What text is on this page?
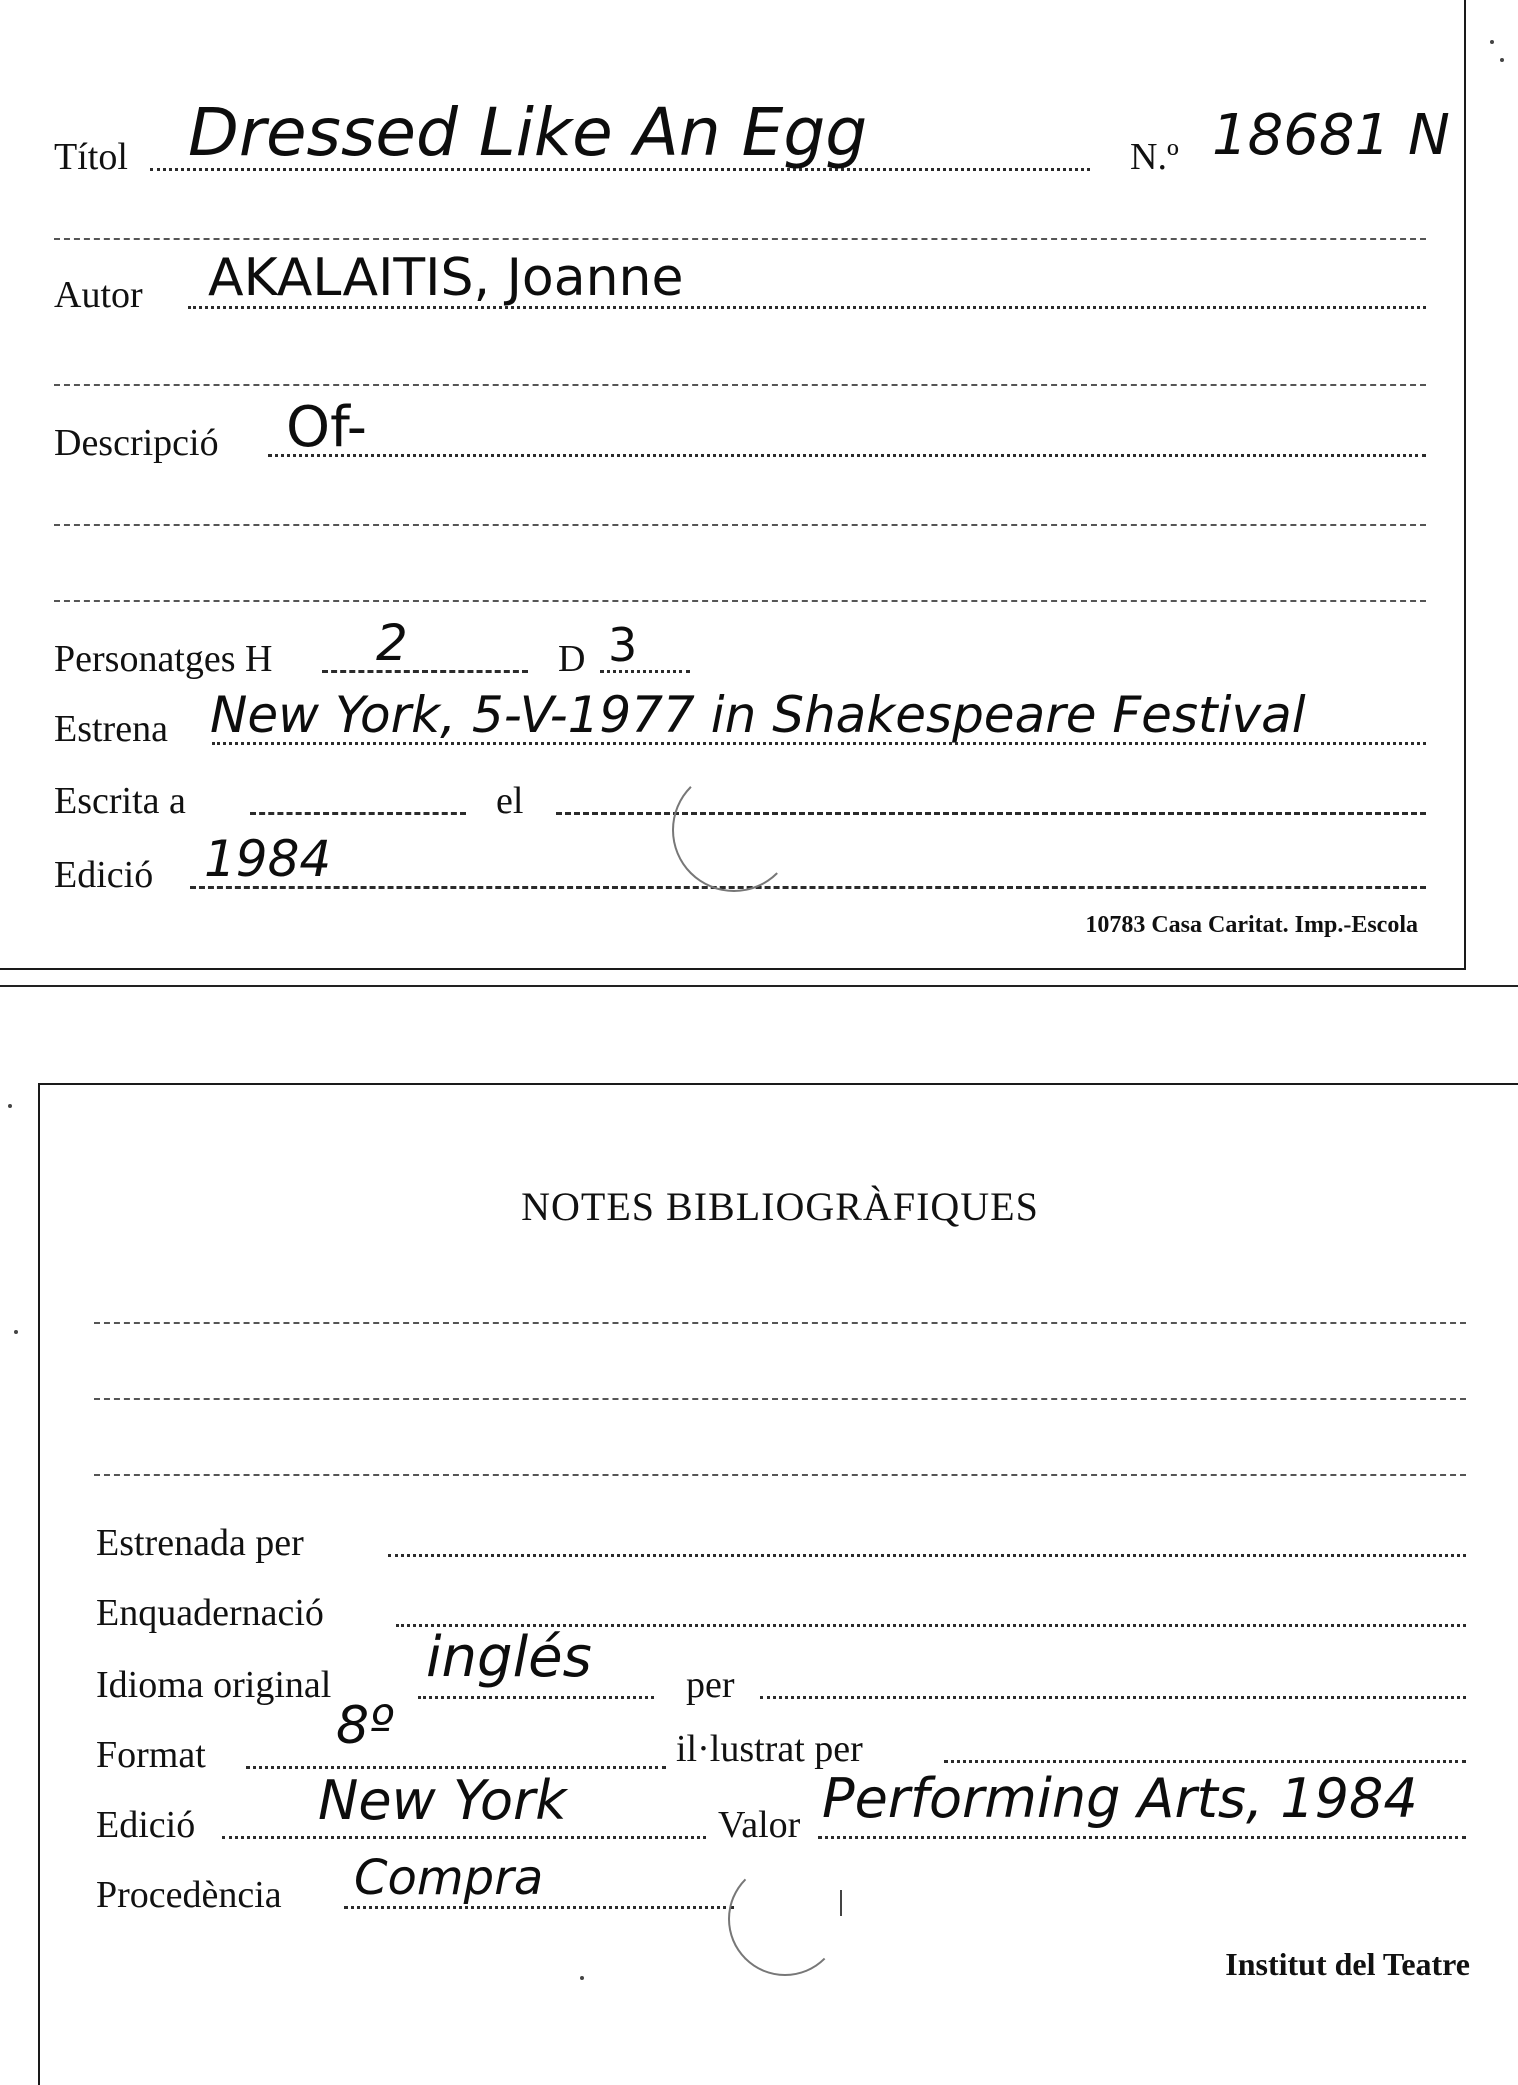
Títol Dressed Like An Egg	N.º 18681 N
Autor AKALAITIS, Joanne
Descripció Of-
Personatges H 2	D 3
Estrena New York, 5-V-1977 in Shakespeare Festival
Escrita a	el
Edició 1984
10783 Casa Caritat. Imp.-Escola
NOTES BIBLIOGRÀFIQUES
Estrenada per
Enquadernació
Idioma original inglés per
Format	8º	il·lustrat per
Edició New York	Valor Performing Arts, 1984
Procedència Compra
Institut del Teatre
